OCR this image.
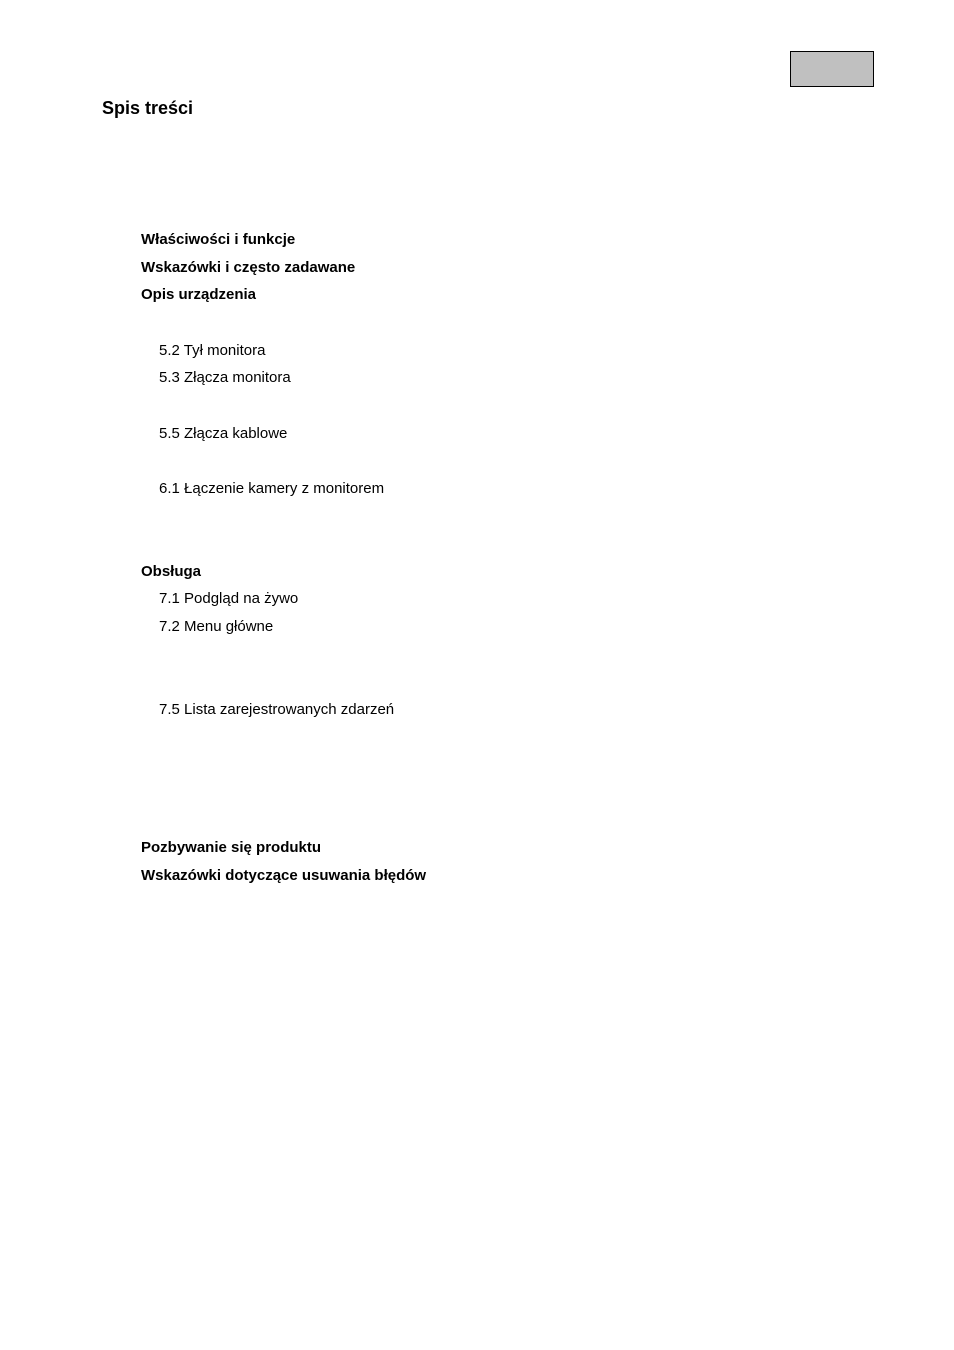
Spis treści
Właściwości i funkcje
Wskazówki i często zadawane
Opis urządzenia
5.2 Tył monitora
5.3 Złącza monitora
5.5 Złącza kablowe
6.1 Łączenie kamery z monitorem
Obsługa
7.1 Podgląd na żywo
7.2 Menu główne
7.5 Lista zarejestrowanych zdarzeń
Pozbywanie się produktu
Wskazówki dotyczące usuwania błędów
